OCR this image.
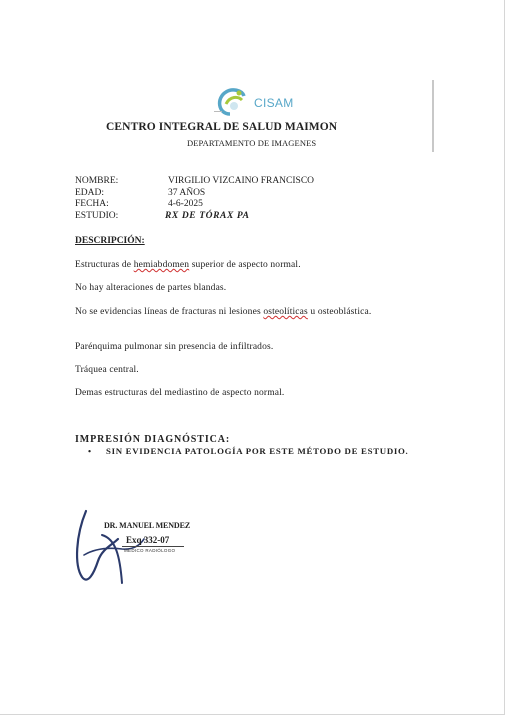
CISAM
CENTRO INTEGRAL DE SALUD MAIMON
DEPARTAMENTO DE IMAGENES
NOMBRE:	VIRGILIO VIZCAINO FRANCISCO
EDAD:	37 AÑOS
FECHA:	4-6-2025
ESTUDIO:	RX DE TÓRAX PA
DESCRIPCIÓN:
Estructuras de hemiabdomen superior de aspecto normal.
No hay alteraciones de partes blandas.
No se evidencias líneas de fracturas ni lesiones osteolíticas u osteoblástica.
Parénquima pulmonar sin presencia de infiltrados.
Tráquea central.
Demas estructuras del mediastino de aspecto normal.
IMPRESIÓN DIAGNÓSTICA:
• SIN EVIDENCIA PATOLOGÍA POR ESTE MÉTODO DE ESTUDIO.
DR. MANUEL MENDEZ
Exq 332-07
MÉDICO RADIÓLOGO
